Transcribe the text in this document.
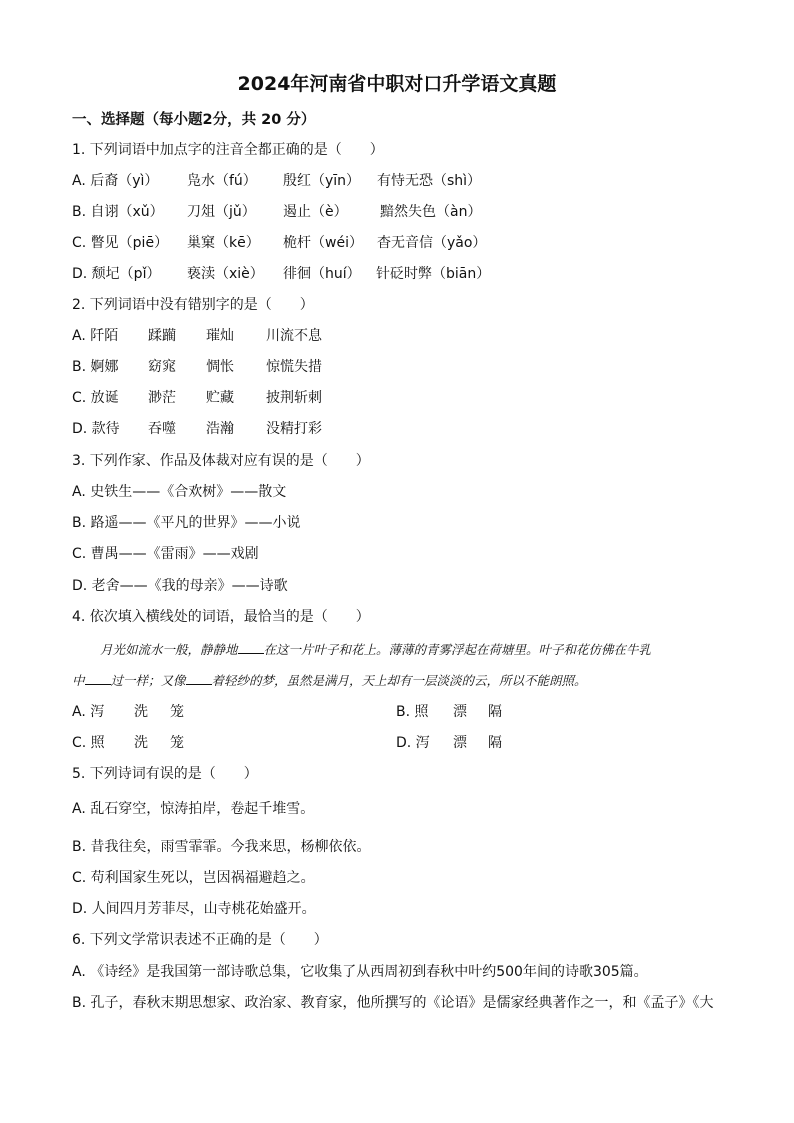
2024年河南省中职对口升学语文真题
一、选择题（每小题2分，共 20 分）
1. 下列词语中加点字的注音全都正确的是（　　）
A. 后裔（yì） 凫水（fú） 殷红（yīn） 有恃无恐（shì）
B. 自诩（xǔ） 刀俎（jǔ） 遏止（è） 黯然失色（àn）
C. 瞥见（piē） 巢窠（kē） 桅杆（wéi） 杳无音信（yǎo）
D. 颓圮（pǐ） 亵渎（xiè） 徘徊（huí） 针砭时弊（biān）
2. 下列词语中没有错别字的是（　　）
A. 阡陌 蹂躏 璀灿 川流不息
B. 婀娜 窈窕 惆怅 惊慌失措
C. 放诞 渺茫 贮藏 披荆斩刺
D. 款待 吞噬 浩瀚 没精打彩
3. 下列作家、作品及体裁对应有误的是（　　）
A. 史铁生——《合欢树》——散文
B. 路遥——《平凡的世界》——小说
C. 曹禺——《雷雨》——戏剧
D. 老舍——《我的母亲》——诗歌
4. 依次填入横线处的词语，最恰当的是（　　）
月光如流水一般，静静地 在这一片叶子和花上。薄薄的青雾浮起在荷塘里。叶子和花仿佛在牛乳
中 过一样；又像 着轻纱的梦，虽然是满月，天上却有一层淡淡的云，所以不能朗照。
A. 泻 洗 笼	B. 照 漂 隔
C. 照 洗 笼	D. 泻 漂 隔
5. 下列诗词有误的是（　　）
A. 乱石穿空，惊涛拍岸，卷起千堆雪。
B. 昔我往矣，雨雪霏霏。今我来思，杨柳依依。
C. 苟利国家生死以，岂因祸福避趋之。
D. 人间四月芳菲尽，山寺桃花始盛开。
6. 下列文学常识表述不正确的是（　　）
A. 《诗经》是我国第一部诗歌总集，它收集了从西周初到春秋中叶约500年间的诗歌305篇。
B. 孔子，春秋末期思想家、政治家、教育家，他所撰写的《论语》是儒家经典著作之一，和《孟子》《大
